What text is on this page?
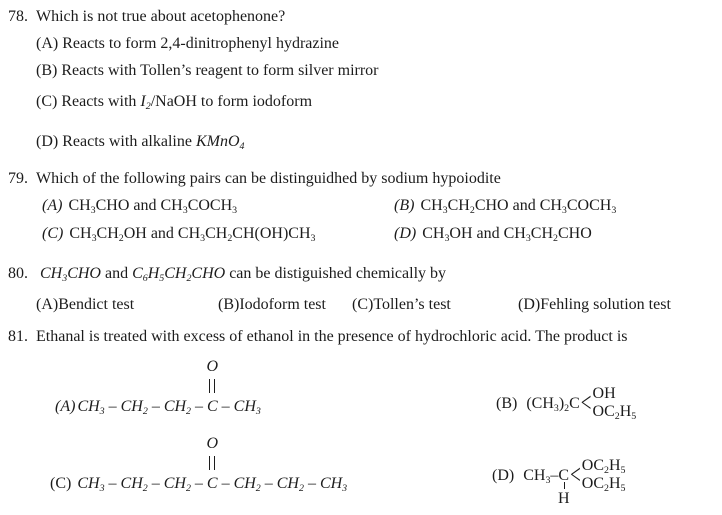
78. Which is not true about acetophenone?
(A) Reacts to form 2,4-dinitrophenyl hydrazine
(B) Reacts with Tollen’s reagent to form silver mirror
(C) Reacts with $I_2$/NaOH to form iodoform
(D) Reacts with alkaline KMnO$_4$
79. Which of the following pairs can be distinguidhed by sodium hypoiodite
(A) $CH_3CHO$ and $CH_3COCH_3$	(B) $CH_3CH_2CHO$ and $CH_3COCH_3$
(C) $CH_3CH_2OH$ and $CH_3CH_2CH(OH)CH_3$	(D) $CH_3OH$ and $CH_3CH_2CHO$
80. $CH_3CHO$ and $C_6H_5CH_2CHO$ can be distiguished chemically by
(A)Bendict test	(B)Iodoform test (C)Tollen’s test	(D)Fehling solution test
81. Ethanal is treated with excess of ethanol in the presence of hydrochloric acid. The product is
(A) $CH_3 - CH_2 - CH_2$ – C
O
– $CH_3$
(B) $(CH_3)_2C$ < OH
$OC_2H_5$
(C) $CH_3 - CH_2 - CH_2$ – C
O
– $CH_2 - CH_2 - CH_3$
(D) $CH_3-C$
H
< $OC_2H_5$
$OC_2H_5$
